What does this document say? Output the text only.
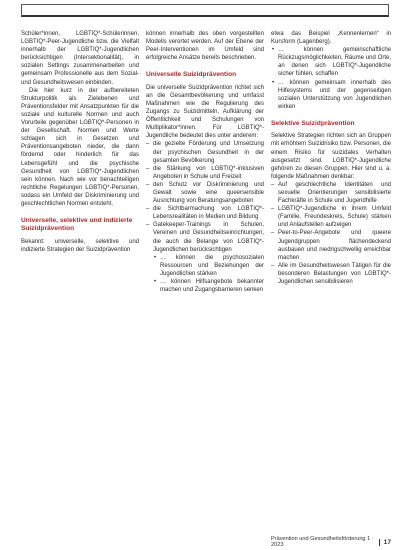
Schüler*innen, LGBTIQ*-Schülerinnen, LGBTIQ*-Peer-Jugendliche bzw. die Vielfalt innerhalb der LGBTIQ*-Jugendlichen berücksichtigen (Intersektionalität), in sozialen Settings zusammenarbeiten und gemeinsam Professionelle aus dem Sozial- und Gesundheitswesen einbinden.

Die hier kurz in der aufbereiteten Strukturpolitik als Zielebenen und Präventionsfelder mit Ansatzpunkten für die soziale und kulturelle Normen und auch Vorurteile gegenüber LGBTIQ*-Personen in der Gesellschaft. Normen und Werte schlagen sich in Gesetzen und Präventionsangeboten nieder, die dann fördernd oder hinderlich für das Lebensgefühl und die psychische Gesundheit von LGBTIQ*-Jugendlichen sein können. Nach wie vor benachteiligen rechtliche Regelungen LGBTIQ*-Personen, sodass ein Umfeld der Diskriminierung und geschlechtlichen Normen entsteht.

Universelle, selektive und indizierte Suizidprävention

Bekannt: universelle, selektive und indizierte Strategien der Suizidprävention

können innerhalb des oben vorgestellten Modells verortet werden. Auf der Ebene der Peer-Interventionen im Umfeld sind erfolgreiche Ansätze bereits beschrieben.

Universelle Suizidprävention

Die universelle Suizidprävention richtet sich an die Gesamtbevölkerung und umfasst Maßnahmen wie die Regulierung des Zugangs zu Suizidmitteln, Aufklärung der Öffentlichkeit und Schulungen von Multiplikator*innen. Für LGBTIQ*-Jugendliche bedeutet dies unter anderem:

– die gezielte Förderung und Umsetzung der psychischen Gesundheit in der gesamten Bevölkerung
– die Stärkung von LGBTIQ*-inklusiven Angeboten in Schule und Freizeit
– den Schutz vor Diskriminierung und Gewalt sowie eine queersensible Ausrichtung von Beratungsangeboten
– die Sichtbarmachung von LGBTIQ*-Lebensrealitäten in Medien und Bildung
– Gatekeeper-Trainings in Schulen, Vereinen und Gesundheitseinrichtungen, die auch die Belange von LGBTIQ*-Jugendlichen berücksichtigen
• … können die psychosozialen Ressourcen und Beziehungen der Jugendlichen stärken
• … können Hilfsangebote bekannter machen und Zugangsbarrieren senken

etwa das Beispiel „Kennenlernen“ in Kursform (Lagenberg).

• … können gemeinschaftliche Rückzugsmöglichkeiten, Räume und Orte, an denen sich LGBTIQ*-Jugendliche sicher fühlen, schaffen
• … können gemeinsam innerhalb des Hilfesystems und der gegenseitigen sozialen Unterstützung von Jugendlichen wirken
Selektive Suizidprävention

Selektive Strategien richten sich an Gruppen mit erhöhtem Suizidrisiko bzw. Personen, die einem Risiko für suizidales Verhalten ausgesetzt sind. LGBTIQ*-Jugendliche gehören zu diesen Gruppen. Hier sind u. a. folgende Maßnahmen denkbar:

– Auf geschlechtliche Identitäten und sexuelle Orientierungen sensibilisierte Fachkräfte in Schule und Jugendhilfe
– LGBTIQ*-Jugendliche in ihrem Umfeld (Familie, Freundeskreis, Schule) stärken und Anlaufstellen aufzeigen
– Peer-to-Peer-Angebote und queere Jugendgruppen flächendeckend ausbauen und niedrigschwellig erreichbar machen
– Alle im Gesundheitswesen Tätigen für die besonderen Belastungen von LGBTIQ*-Jugendlichen sensibilisieren
Prävention und Gesundheitsförderung 1 · 2023	17
